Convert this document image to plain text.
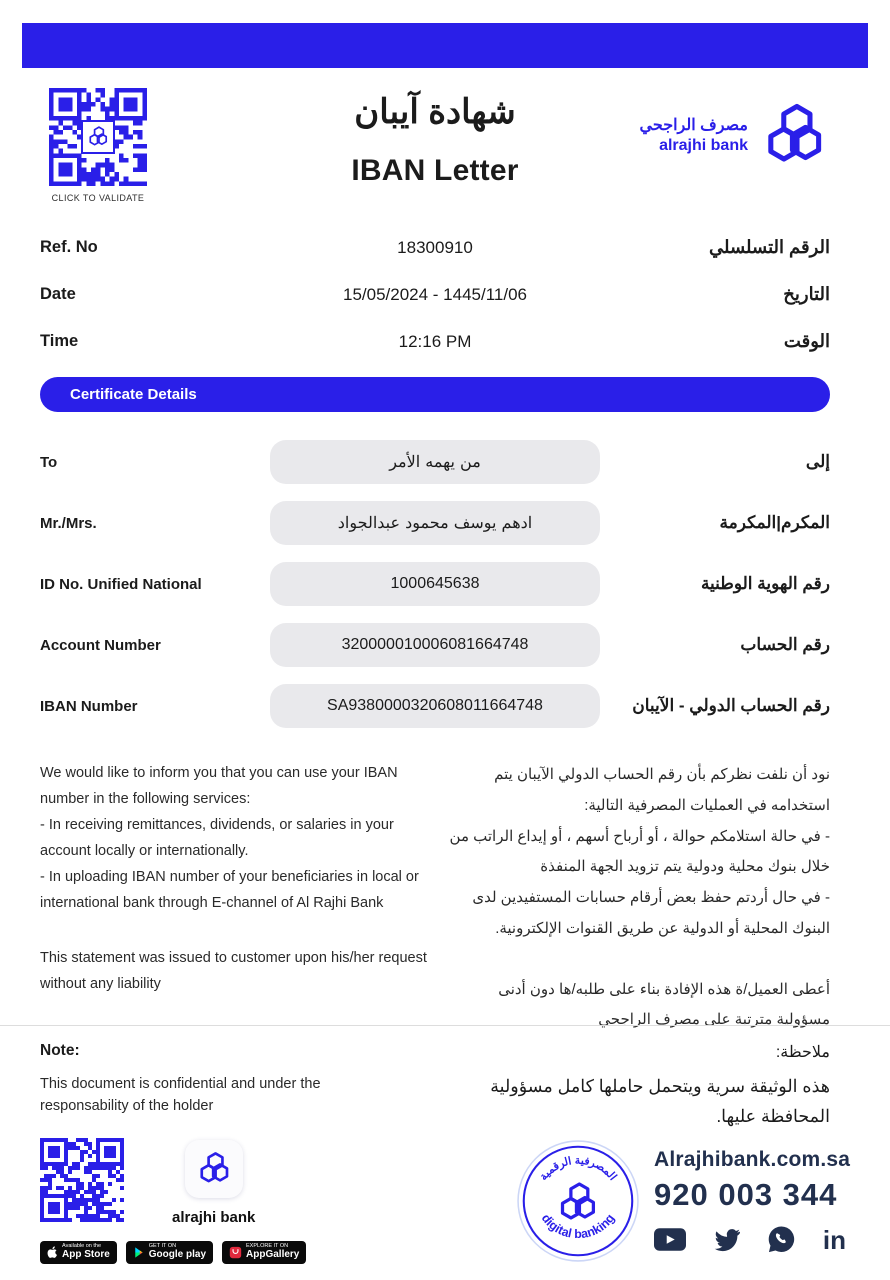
CLICK TO VALIDATE
شهادة آيبان
IBAN Letter
مصرف الراجحي
alrajhi bank
Ref. No	18300910	الرقم التسلسلي
Date	15/05/2024 - 1445/11/06	التاريخ
Time	12:16 PM	الوقت
Certificate Details
To	من يهمه الأمر	إلى
Mr./Mrs.	ادهم يوسف محمود عبدالجواد	المكرم|المكرمة
ID No. Unified National	1000645638	رقم الهوية الوطنية
Account Number	320000010006081664748	رقم الحساب
IBAN Number	SA9380000320608011664748	رقم الحساب الدولي - الآيبان

We would like to inform you that you can use your IBAN number in the following services:

- In receiving remittances, dividends, or salaries in your account locally or internationally.

- In uploading IBAN number of your beneficiaries in local or international bank through E-channel of Al Rajhi Bank

This statement was issued to customer upon his/her request without any liability

نود أن نلفت نظركم بأن رقم الحساب الدولي الآيبان يتم استخدامه في العمليات المصرفية التالية:

- في حالة استلامكم حوالة ، أو أرباح أسهم ، أو إيداع الراتب من خلال بنوك محلية ودولية يتم تزويد الجهة المنفذة

- في حال أردتم حفظ بعض أرقام حسابات المستفيدين لدى البنوك المحلية أو الدولية عن طريق القنوات الإلكترونية.

أعطى العميل/ة هذه الإفادة بناء على طلبه/ها دون أدنى مسؤولية مترتبة على مصرف الراجحي

Note:

This document is confidential and under the responsability of the holder

ملاحظة:

هذه الوثيقة سرية ويتحمل حاملها كامل مسؤولية المحافظة عليها.

alrajhi bank
Available on the
App Store
GET IT ON
Google play
EXPLORE IT ON
AppGallery
المصرفية الرقمية
digital banking
Alrajhibank.com.sa
920 003 344
in
